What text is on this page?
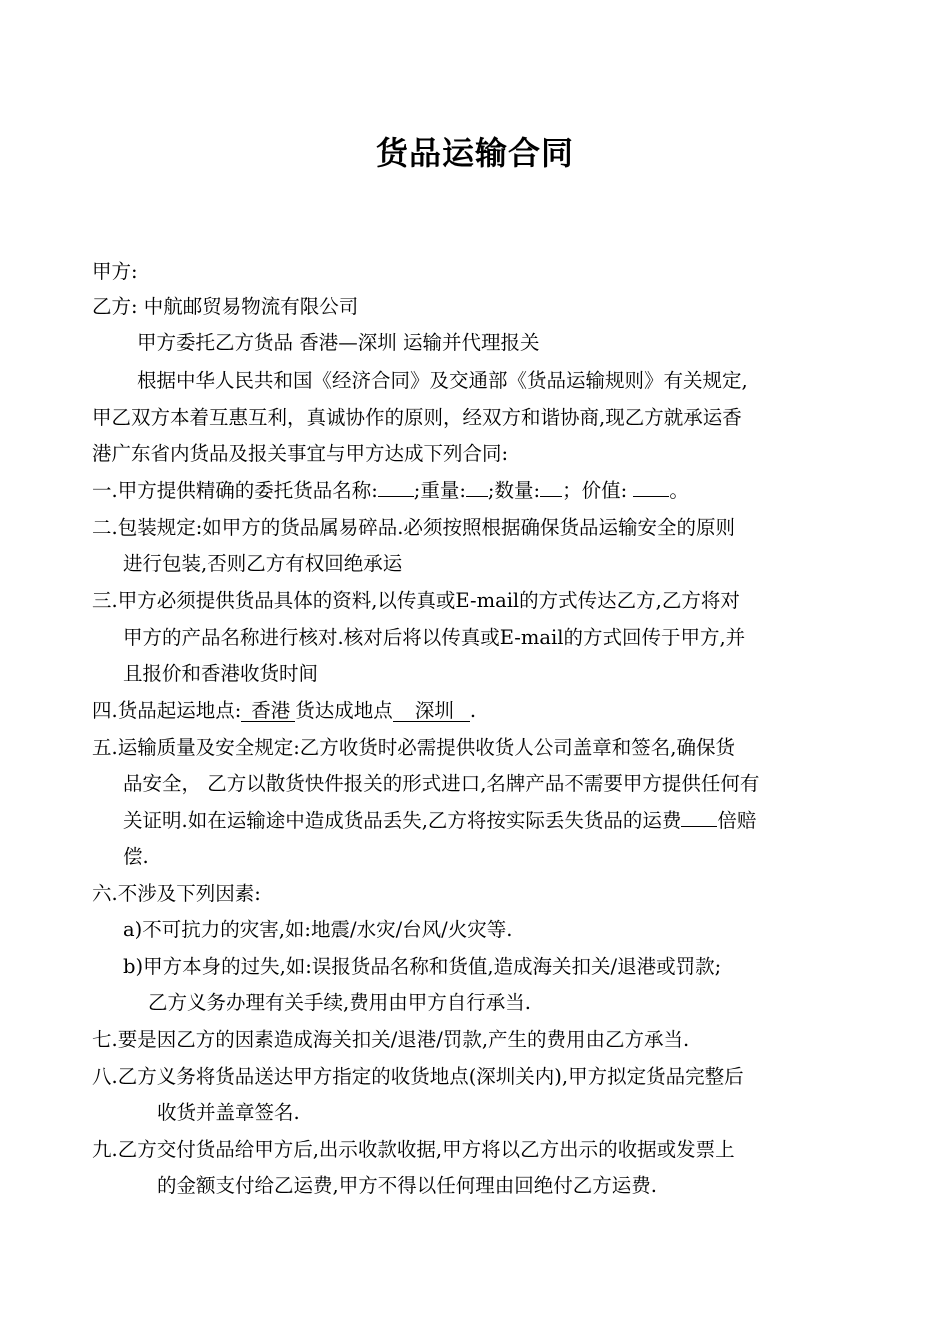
货品运输合同
甲方:
乙方: 中航邮贸易物流有限公司
甲方委托乙方货品 香港—深圳 运输并代理报关
根据中华人民共和国《经济合同》及交通部《货品运输规则》有关规定,
甲乙双方本着互惠互利，真诚协作的原则，经双方和谐协商,现乙方就承运香
港广东省内货品及报关事宜与甲方达成下列合同:
一.甲方提供精确的委托货品名称: ;重量: ;数量: ；价值: 。
二.包装规定:如甲方的货品属易碎品.必须按照根据确保货品运输安全的原则
进行包装,否则乙方有权回绝承运
三.甲方必须提供货品具体的资料,以传真或E-mail的方式传达乙方,乙方将对
甲方的产品名称进行核对.核对后将以传真或E-mail的方式回传于甲方,并
且报价和香港收货时间
四.货品起运地点: 香港 货达成地点 深圳 .
五.运输质量及安全规定:乙方收货时必需提供收货人公司盖章和签名,确保货
品安全， 乙方以散货快件报关的形式进口,名牌产品不需要甲方提供任何有
关证明.如在运输途中造成货品丢失,乙方将按实际丢失货品的运费 倍赔
偿.
六.不涉及下列因素:
a)不可抗力的灾害,如:地震/水灾/台风/火灾等.
b)甲方本身的过失,如:误报货品名称和货值,造成海关扣关/退港或罚款;
乙方义务办理有关手续,费用由甲方自行承当.
七.要是因乙方的因素造成海关扣关/退港/罚款,产生的费用由乙方承当.
八.乙方义务将货品送达甲方指定的收货地点(深圳关内),甲方拟定货品完整后
收货并盖章签名.
九.乙方交付货品给甲方后,出示收款收据,甲方将以乙方出示的收据或发票上
的金额支付给乙运费,甲方不得以任何理由回绝付乙方运费.
